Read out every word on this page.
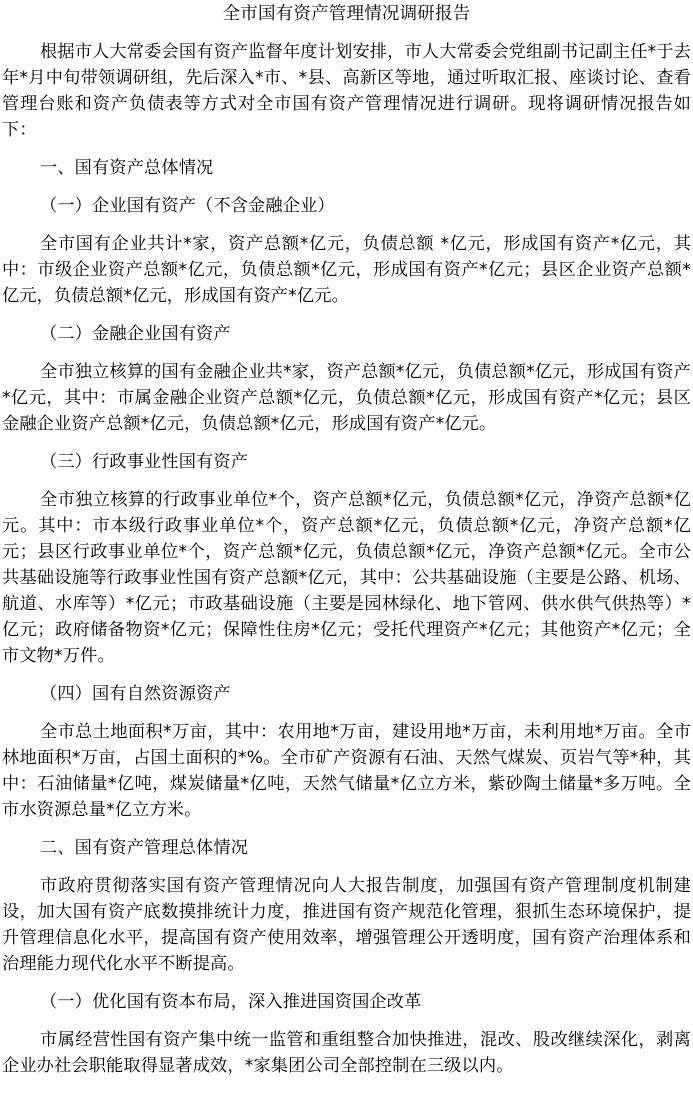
全市国有资产管理情况调研报告

根据市人大常委会国有资产监督年度计划安排，市人大常委会党组副书记副主任*于去年*月中旬带领调研组，先后深入*市、*县、高新区等地，通过听取汇报、座谈讨论、查看管理台账和资产负债表等方式对全市国有资产管理情况进行调研。现将调研情况报告如下：

一、国有资产总体情况

（一）企业国有资产（不含金融企业）

全市国有企业共计*家，资产总额*亿元，负债总额 *亿元，形成国有资产*亿元，其中：市级企业资产总额*亿元，负债总额*亿元，形成国有资产*亿元；县区企业资产总额*亿元，负债总额*亿元，形成国有资产*亿元。

（二）金融企业国有资产

全市独立核算的国有金融企业共*家，资产总额*亿元，负债总额*亿元，形成国有资产*亿元，其中：市属金融企业资产总额*亿元，负债总额*亿元，形成国有资产*亿元；县区金融企业资产总额*亿元，负债总额*亿元，形成国有资产*亿元。

（三）行政事业性国有资产

全市独立核算的行政事业单位*个，资产总额*亿元，负债总额*亿元，净资产总额*亿元。其中：市本级行政事业单位*个，资产总额*亿元，负债总额*亿元，净资产总额*亿元；县区行政事业单位*个，资产总额*亿元，负债总额*亿元，净资产总额*亿元。全市公共基础设施等行政事业性国有资产总额*亿元，其中：公共基础设施（主要是公路、机场、航道、水库等）*亿元；市政基础设施（主要是园林绿化、地下管网、供水供气供热等）*亿元；政府储备物资*亿元；保障性住房*亿元；受托代理资产*亿元；其他资产*亿元；全市文物*万件。

（四）国有自然资源资产

全市总土地面积*万亩，其中：农用地*万亩，建设用地*万亩，未利用地*万亩。全市林地面积*万亩，占国土面积的*%。全市矿产资源有石油、天然气煤炭、页岩气等*种，其中：石油储量*亿吨，煤炭储量*亿吨，天然气储量*亿立方米，紫砂陶土储量*多万吨。全市水资源总量*亿立方米。

二、国有资产管理总体情况

市政府贯彻落实国有资产管理情况向人大报告制度，加强国有资产管理制度机制建设，加大国有资产底数摸排统计力度，推进国有资产规范化管理，狠抓生态环境保护，提升管理信息化水平，提高国有资产使用效率，增强管理公开透明度，国有资产治理体系和治理能力现代化水平不断提高。

（一）优化国有资本布局，深入推进国资国企改革

市属经营性国有资产集中统一监管和重组整合加快推进，混改、股改继续深化，剥离企业办社会职能取得显著成效，*家集团公司全部控制在三级以内。
